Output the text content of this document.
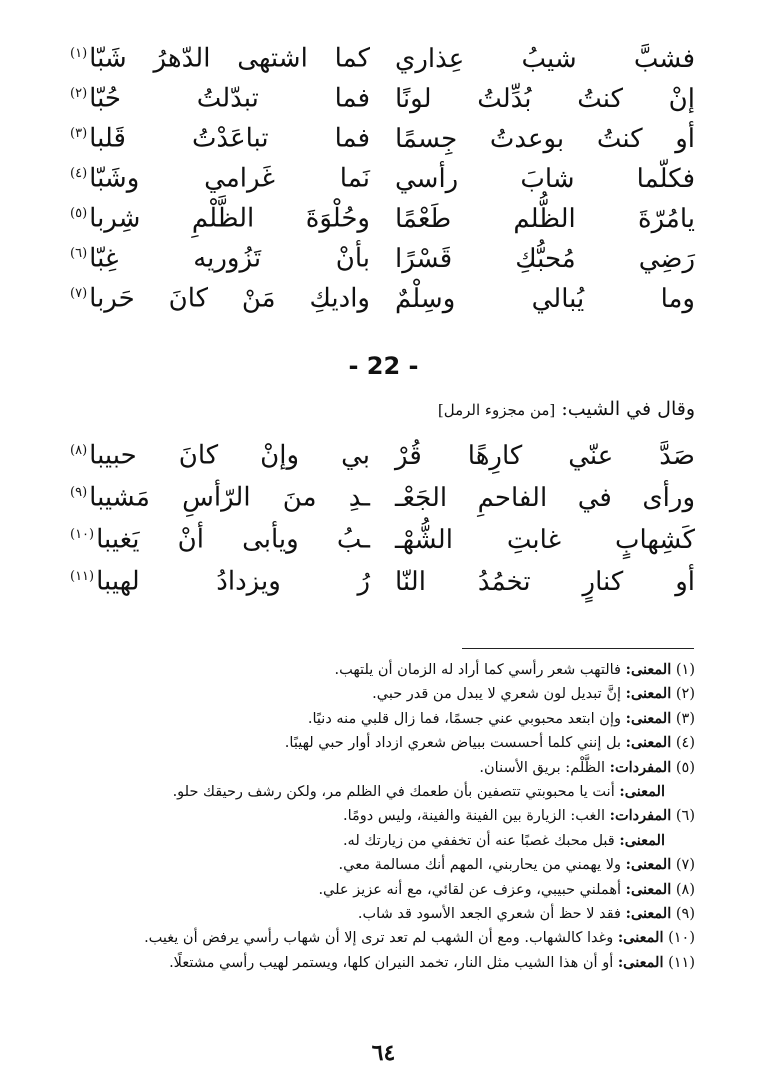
فشبَّ شيبُ عِذاري
كما اشتهى الدّهرُ شَبّا$^{(١)}$
إنْ كنتُ بُدِّلتُ لونًا
فما تبدّلتُ حُبّا$^{(٢)}$
أو كنتُ بوعدتُ جِسمًا
فما تباعَدْتُ قَلبا$^{(٣)}$
فكلّما شابَ رأسي
نَما غَرامي وشَبّا$^{(٤)}$
يامُرّةَ الظُّلم طَعْمًا
وحُلْوَةَ الظَّلْمِ شِربا$^{(٥)}$
رَضِي مُحبُّكِ قَسْرًا
بأنْ تَزُوريه غِبّا$^{(٦)}$
وما يُبالي وسِلْمٌ
واديكِ مَنْ كانَ حَربا$^{(٧)}$
- 22 -
وقال في الشيب: [من مجزوء الرمل]
صَدَّ عنّي كارِهًا قُرْ
بي وإنْ كانَ حبيبا$^{(٨)}$
ورأى في الفاحمِ الجَعْـ
ـدِ منَ الرّأسِ مَشيبا$^{(٩)}$
كَشِهابٍ غابتِ الشُّهْـ
ـبُ ويأبى أنْ يَغيبا$^{(١٠)}$
أو كنارٍ تخمُدُ النّا
رُ ويزدادُ لهيبا$^{(١١)}$
(١) المعنى: فالتهب شعر رأسي كما أراد له الزمان أن يلتهب.
(٢) المعنى: إنَّ تبديل لون شعري لا يبدل من قدر حبي.
(٣) المعنى: وإن ابتعد محبوبي عني جسمًا، فما زال قلبي منه دنيًا.
(٤) المعنى: بل إنني كلما أحسست ببياض شعري ازداد أوار حبي لهيبًا.
(٥) المفردات: الظَّلْم: بريق الأسنان.
المعنى: أنت يا محبوبتي تتصفين بأن طعمك في الظلم مر، ولكن رشف رحيقك حلو.
(٦) المفردات: الغب: الزيارة بين الفينة والفينة، وليس دومًا.
المعنى: قبل محبك غصبًا عنه أن تخففي من زيارتك له.
(٧) المعنى: ولا يهمني من يحاربني، المهم أنك مسالمة معي.
(٨) المعنى: أهملني حبيبي، وعزف عن لقائي، مع أنه عزيز علي.
(٩) المعنى: فقد لا حظ أن شعري الجعد الأسود قد شاب.
(١٠) المعنى: وغدا كالشهاب. ومع أن الشهب لم تعد ترى إلا أن شهاب رأسي يرفض أن يغيب.
(١١) المعنى: أو أن هذا الشيب مثل النار، تخمد النيران كلها، ويستمر لهيب رأسي مشتعلًا.
٦٤
